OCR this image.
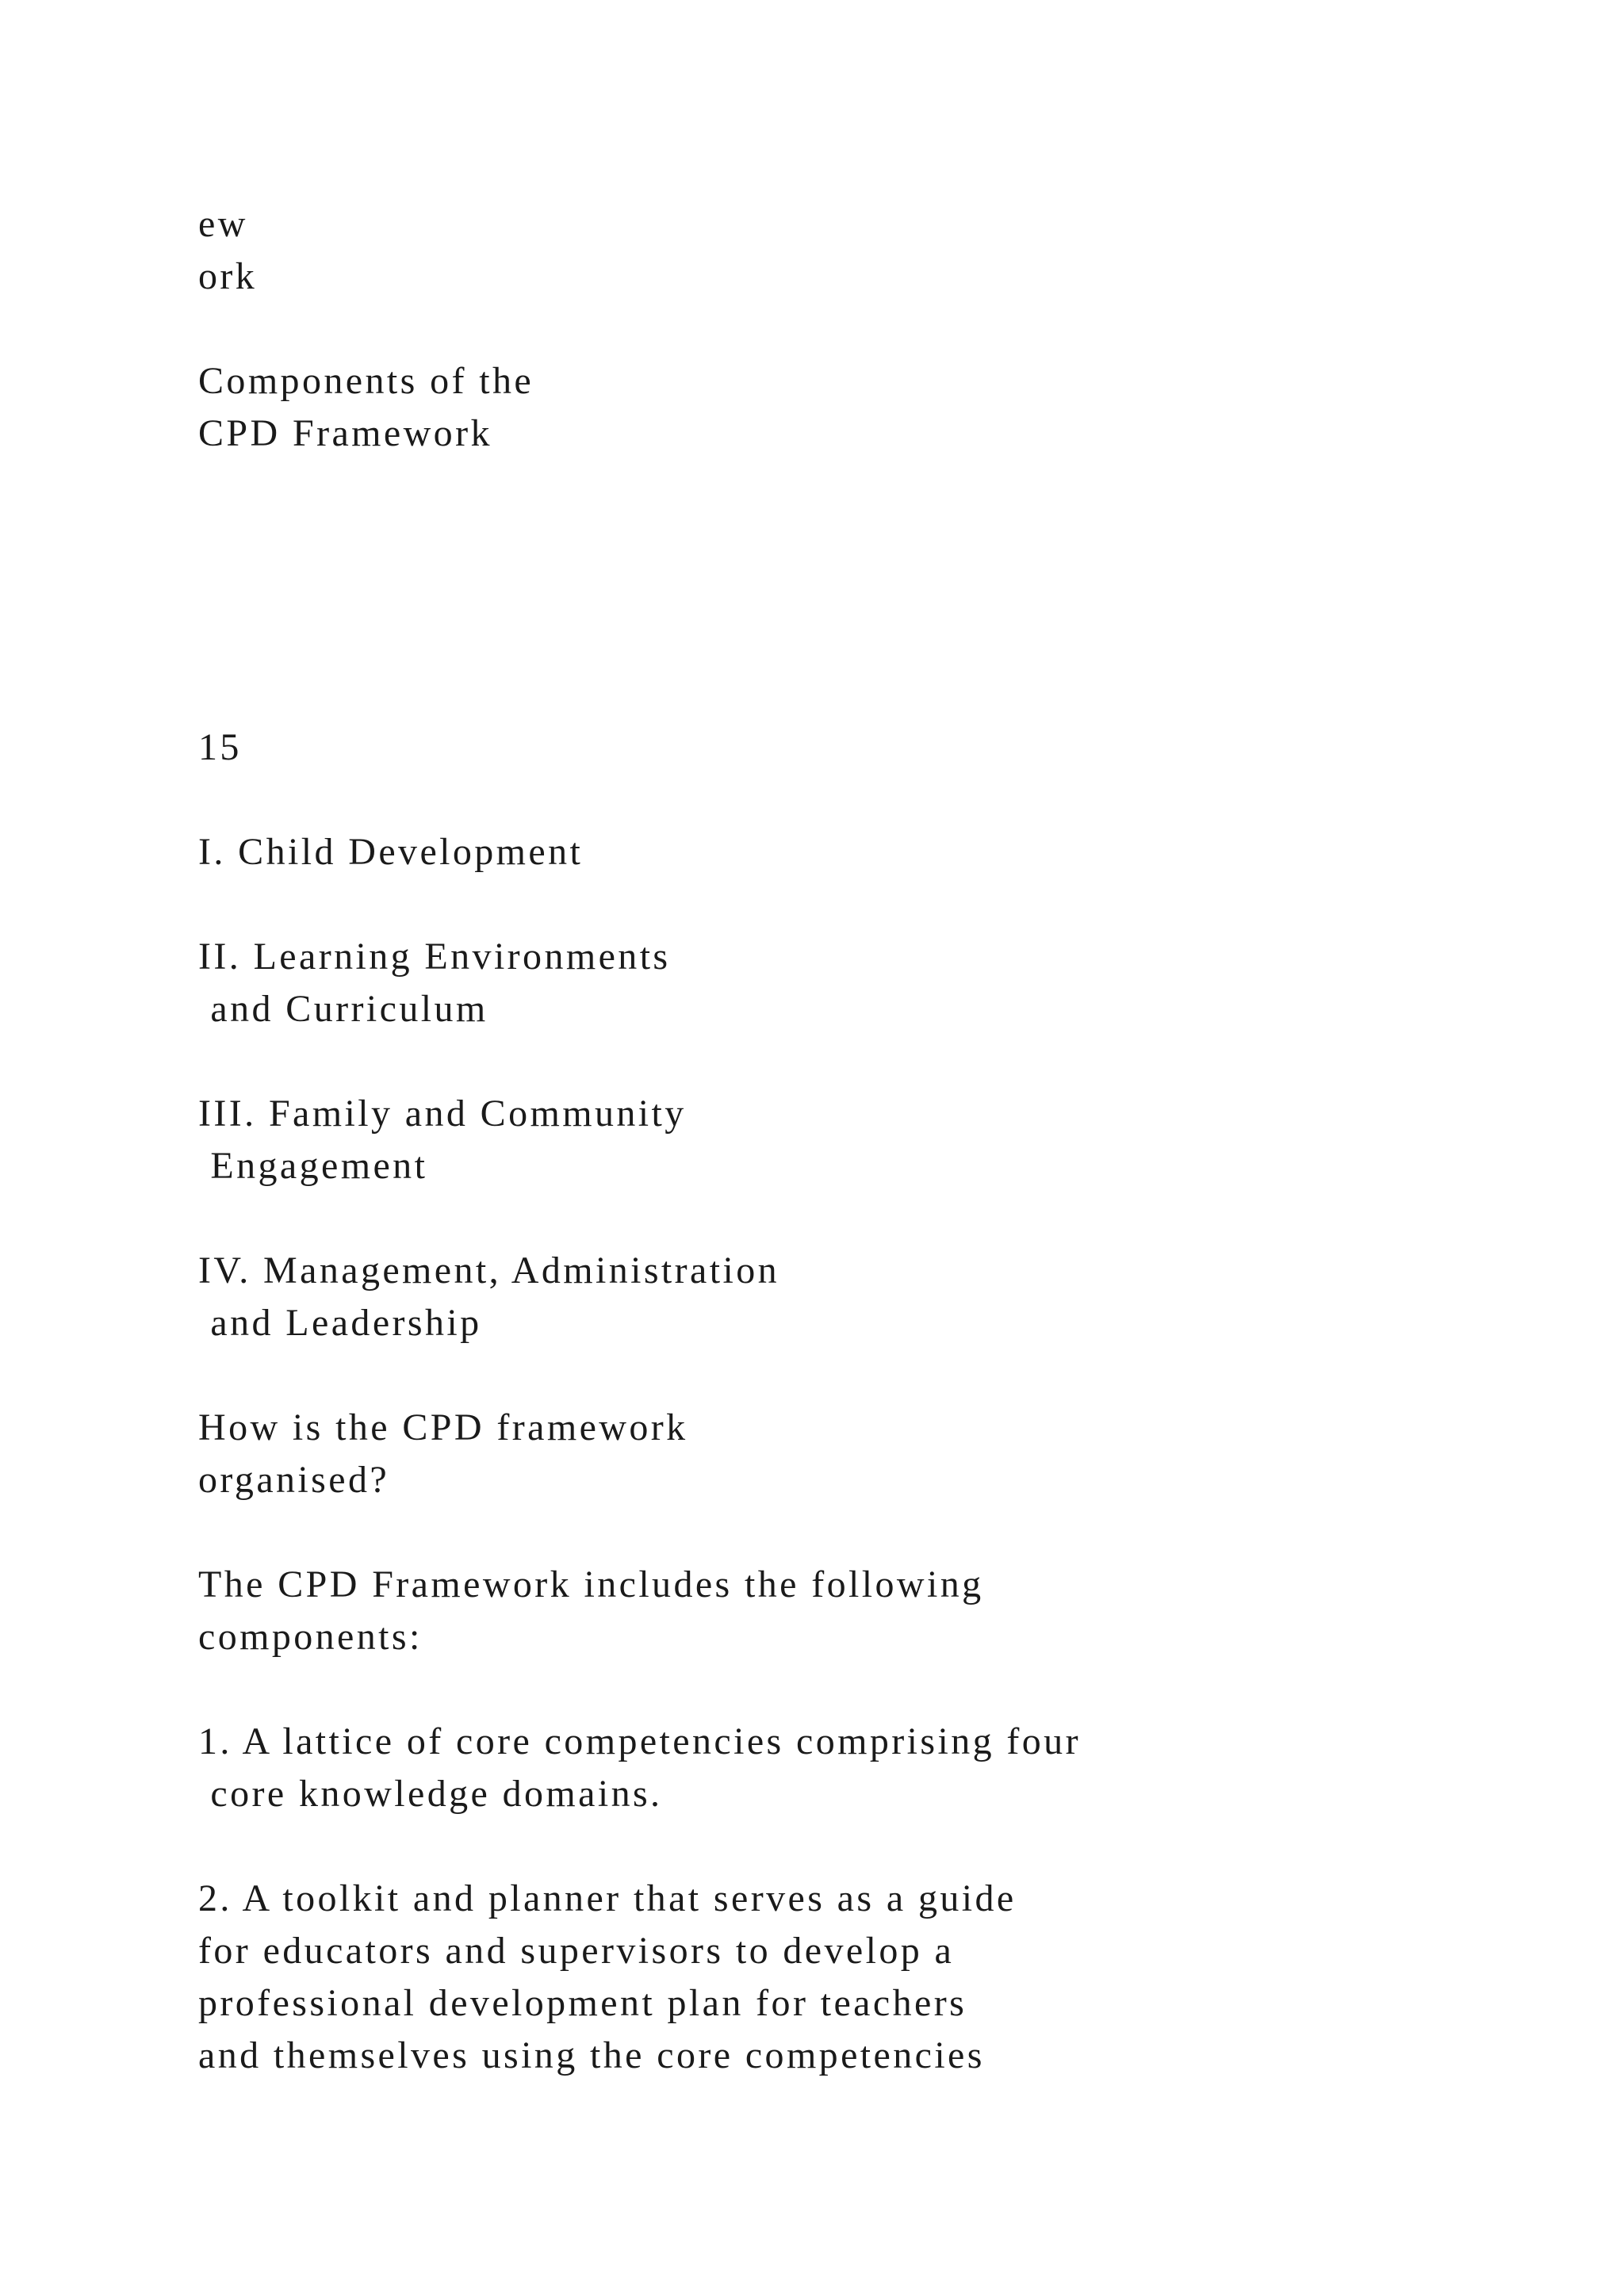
ew

ork

Components of the

CPD Framework

15

I. Child Development

II. Learning Environments

and Curriculum

III. Family and Community

Engagement

IV. Management, Administration

and Leadership

How is the CPD framework

organised?

The CPD Framework includes the following

components:

1. A lattice of core competencies comprising four

core knowledge domains.

2. A toolkit and planner that serves as a guide

for educators and supervisors to develop a

professional development plan for teachers

and themselves using the core competencies
